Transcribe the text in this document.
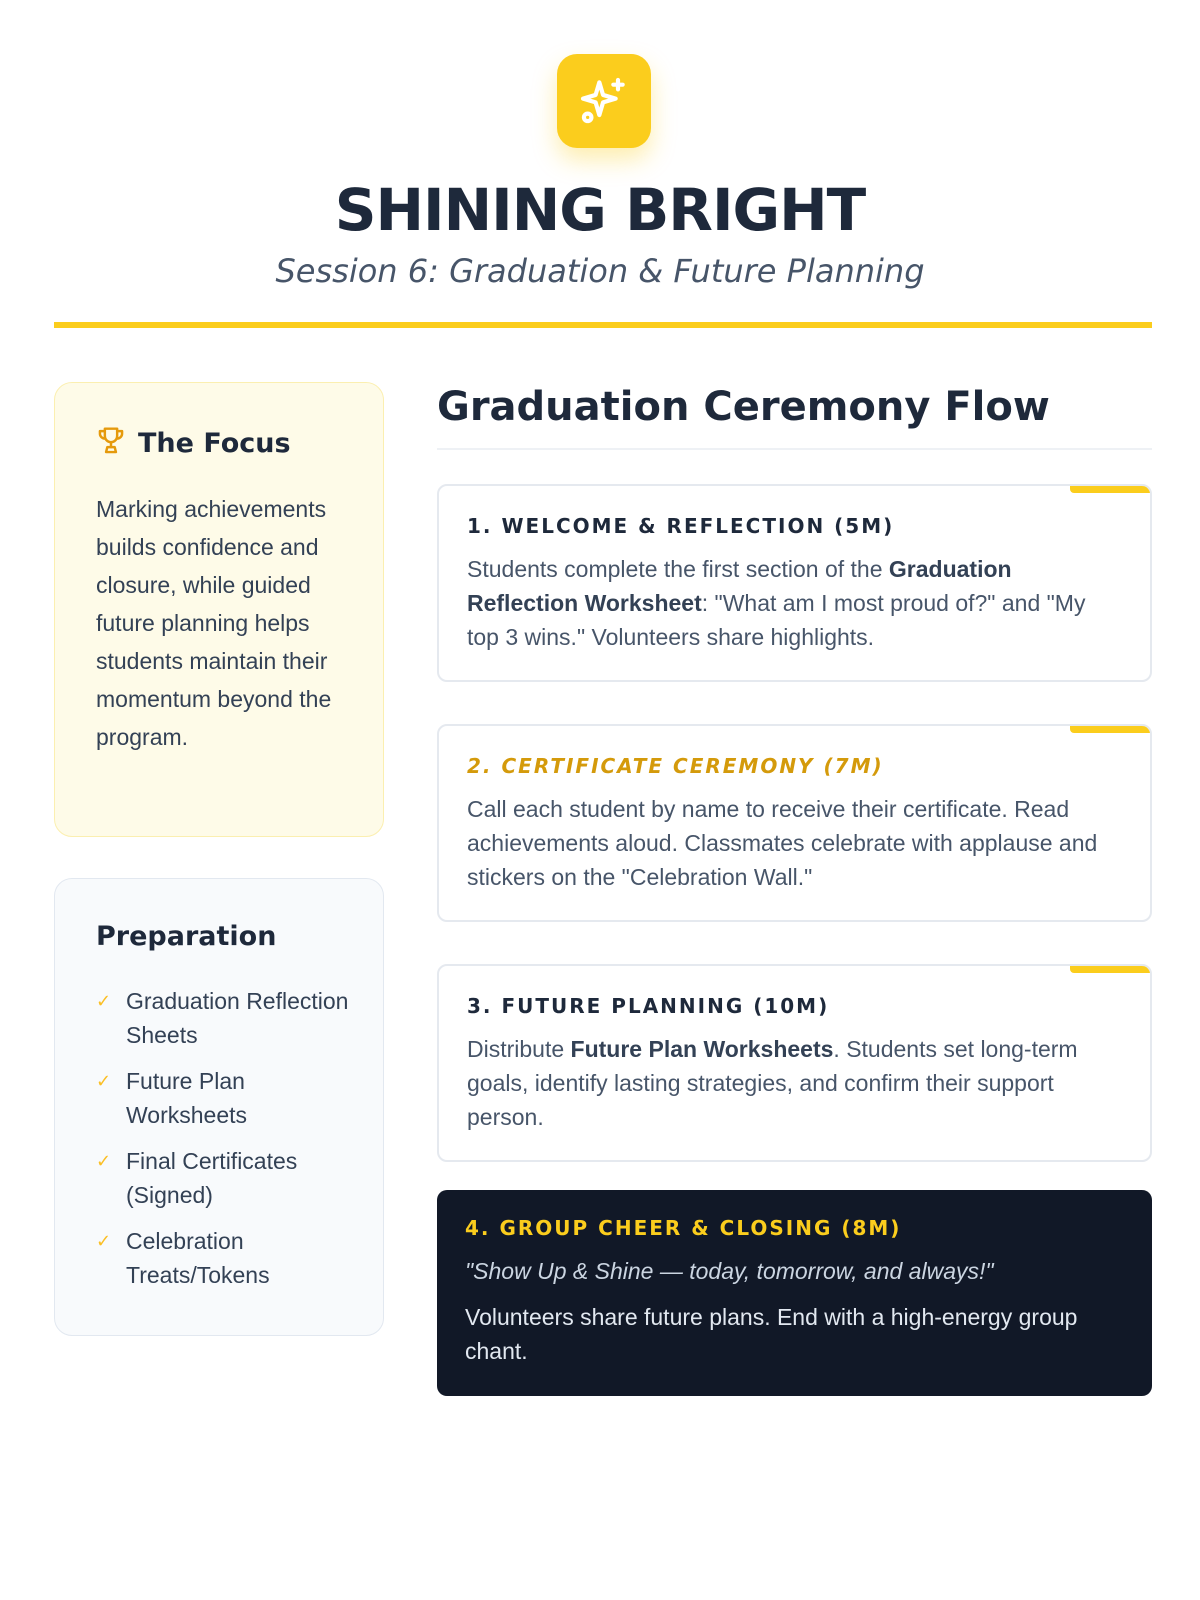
SHINING BRIGHT
Session 6: Graduation & Future Planning
The Focus

Marking achievements builds confidence and closure, while guided future planning helps students maintain their momentum beyond the program.

Preparation
✓ Graduation Reflection Sheets
✓ Future Plan Worksheets
✓ Final Certificates (Signed)
✓ Celebration Treats/Tokens
Graduation Ceremony Flow
1. WELCOME & REFLECTION (5M)

Students complete the first section of the Graduation Reflection Worksheet: "What am I most proud of?" and "My top 3 wins." Volunteers share highlights.

2. CERTIFICATE CEREMONY (7M)

Call each student by name to receive their certificate. Read achievements aloud. Classmates celebrate with applause and stickers on the "Celebration Wall."

3. FUTURE PLANNING (10M)

Distribute Future Plan Worksheets. Students set long-term goals, identify lasting strategies, and confirm their support person.

4. GROUP CHEER & CLOSING (8M)

"Show Up & Shine — today, tomorrow, and always!"

Volunteers share future plans. End with a high-energy group chant.
